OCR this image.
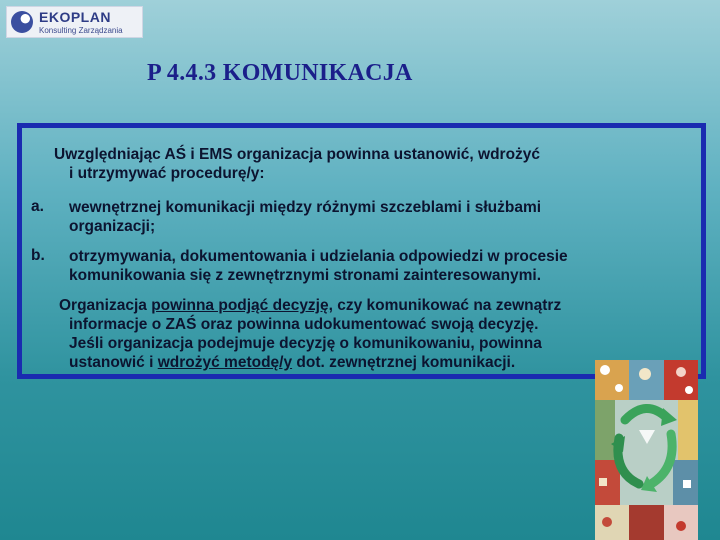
EKOPLAN
Konsulting Zarządzania
P 4.4.3 KOMUNIKACJA
Uwzględniając AŚ i EMS organizacja powinna ustanowić, wdrożyć
i utrzymywać procedurę/y:
a. wewnętrznej komunikacji między różnymi szczeblami i służbami
organizacji;
b. otrzymywania, dokumentowania i udzielania odpowiedzi w procesie
komunikowania się z zewnętrznymi stronami zainteresowanymi.
Organizacja powinna podjąć decyzję, czy komunikować na zewnątrz
informacje o ZAŚ oraz powinna udokumentować swoją decyzję.
Jeśli organizacja podejmuje decyzję o komunikowaniu, powinna
ustanowić i wdrożyć metodę/y dot. zewnętrznej komunikacji.
